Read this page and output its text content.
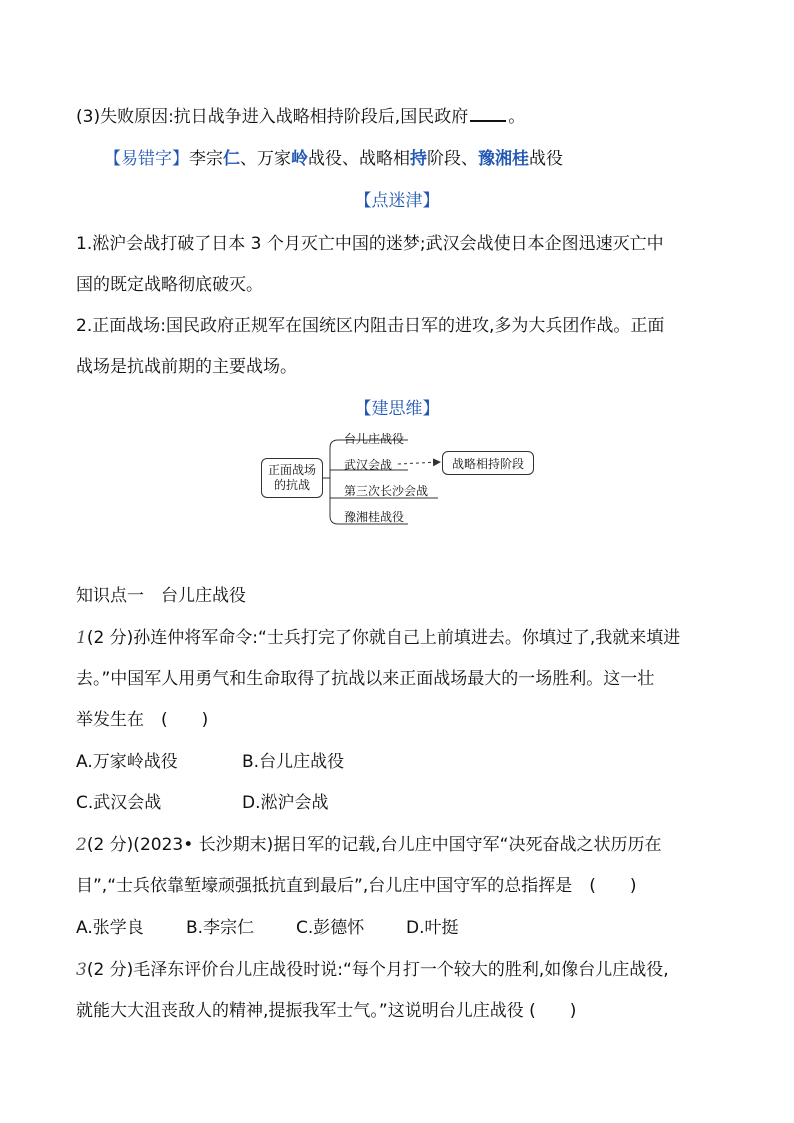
(3)失败原因:抗日战争进入战略相持阶段后,国民政府 。
【易错字】李宗仁、万家岭战役、战略相持阶段、豫湘桂战役
【点迷津】
1.淞沪会战打破了日本 3 个月灭亡中国的迷梦;武汉会战使日本企图迅速灭亡中
国的既定战略彻底破灭。
2.正面战场:国民政府正规军在国统区内阻击日军的进攻,多为大兵团作战。正面
战场是抗战前期的主要战场。
【建思维】
正面战场
的抗战
台儿庄战役
武汉会战
第三次长沙会战
豫湘桂战役
战略相持阶段
知识点一　台儿庄战役
1(2 分)孙连仲将军命令:“士兵打完了你就自己上前填进去。你填过了,我就来填进
去。”中国军人用勇气和生命取得了抗战以来正面战场最大的一场胜利。这一壮
举发生在　(　　)
A.万家岭战役	B.台儿庄战役
C.武汉会战	D.淞沪会战
2(2 分)(2023• 长沙期末)据日军的记载,台儿庄中国守军“决死奋战之状历历在
目”,“士兵依靠堑壕顽强抵抗直到最后”,台儿庄中国守军的总指挥是　(　　)
A.张学良 B.李宗仁 C.彭德怀 D.叶挺
3(2 分)毛泽东评价台儿庄战役时说:“每个月打一个较大的胜利,如像台儿庄战役,
就能大大沮丧敌人的精神,提振我军士气。”这说明台儿庄战役 (　　)
